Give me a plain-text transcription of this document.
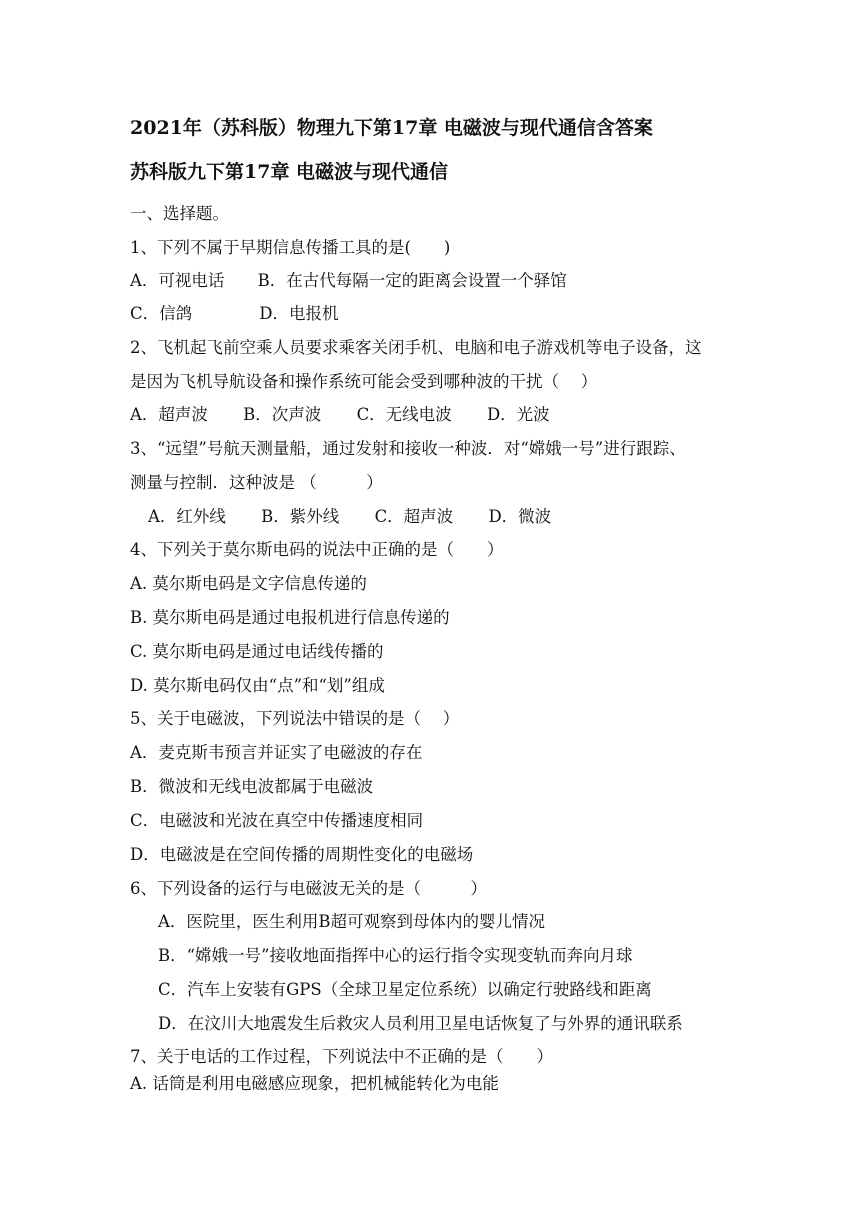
2021年（苏科版）物理九下第17章 电磁波与现代通信含答案
苏科版九下第17章 电磁波与现代通信
一、选择题。
1、下列不属于早期信息传播工具的是(　　)
A．可视电话 B．在古代每隔一定的距离会设置一个驿馆
C．信鸽	D．电报机
2、飞机起飞前空乘人员要求乘客关闭手机、电脑和电子游戏机等电子设备，这
是因为飞机导航设备和操作系统可能会受到哪种波的干扰（　 ）
A．超声波 B．次声波 C．无线电波 D．光波
3、“远望”号航天测量船，通过发射和接收一种波．对“嫦娥一号”进行跟踪、
测量与控制．这种波是 （　　　）
A．红外线 B．紫外线 C．超声波 D．微波
4、下列关于莫尔斯电码的说法中正确的是（　　）
A. 莫尔斯电码是文字信息传递的
B. 莫尔斯电码是通过电报机进行信息传递的
C. 莫尔斯电码是通过电话线传播的
D. 莫尔斯电码仅由“点”和“划”组成
5、关于电磁波，下列说法中错误的是（　 ）
A．麦克斯韦预言并证实了电磁波的存在
B．微波和无线电波都属于电磁波
C．电磁波和光波在真空中传播速度相同
D．电磁波是在空间传播的周期性变化的电磁场
6、下列设备的运行与电磁波无关的是（　　　）
A．医院里，医生利用B超可观察到母体内的婴儿情况
B．“嫦娥一号”接收地面指挥中心的运行指令实现变轨而奔向月球
C．汽车上安装有GPS（全球卫星定位系统）以确定行驶路线和距离
D．在汶川大地震发生后救灾人员利用卫星电话恢复了与外界的通讯联系
7、关于电话的工作过程，下列说法中不正确的是（　　）
A. 话筒是利用电磁感应现象，把机械能转化为电能
